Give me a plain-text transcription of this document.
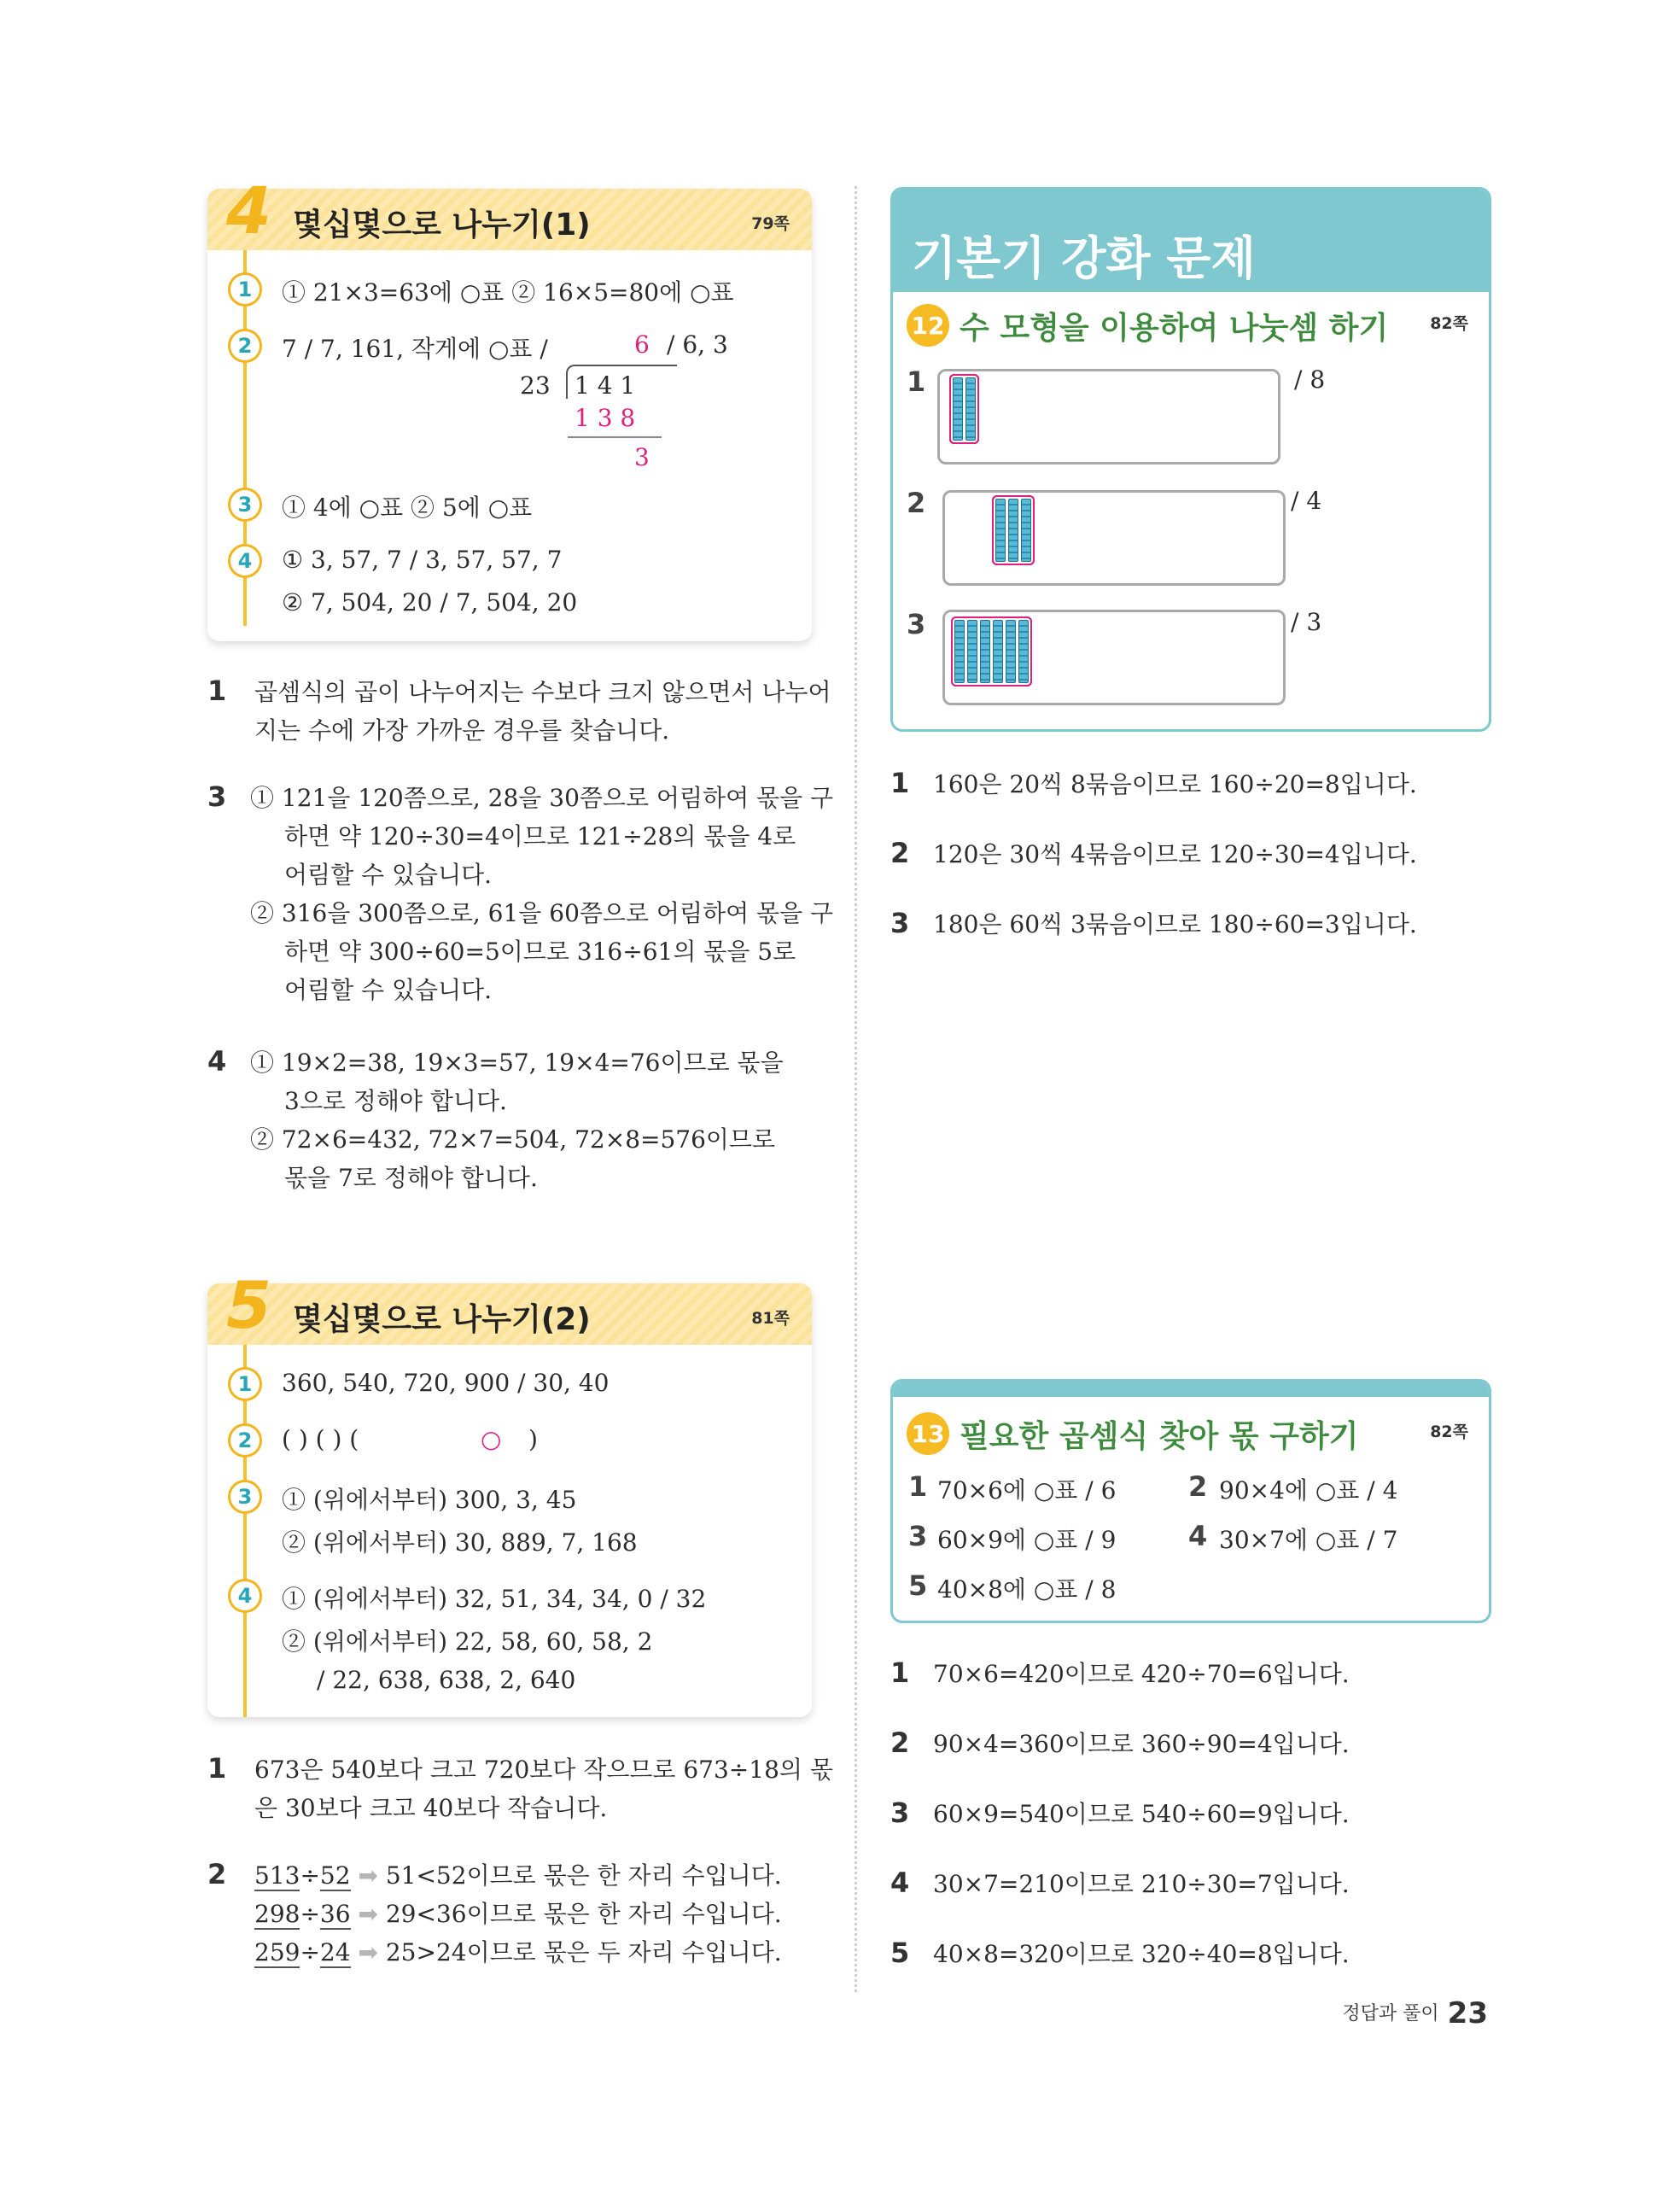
4 몇십몇으로 나누기(1)	79쪽
1	① 21×3=63에 ○표 ② 16×5=80에 ○표
2	7 / 7, 161, 작게에 ○표 /	6 / 6, 3
23 1 4 1
1 3 8
3
3	① 4에 ○표 ② 5에 ○표
4	① 3, 57, 7 / 3, 57, 57, 7
② 7, 504, 20 / 7, 504, 20
1 곱셈식의 곱이 나누어지는 수보다 크지 않으면서 나누어
지는 수에 가장 가까운 경우를 찾습니다.
3 ① 121을 120쯤으로, 28을 30쯤으로 어림하여 몫을 구
하면 약 120÷30=4이므로 121÷28의 몫을 4로
어림할 수 있습니다.
② 316을 300쯤으로, 61을 60쯤으로 어림하여 몫을 구
하면 약 300÷60=5이므로 316÷61의 몫을 5로
어림할 수 있습니다.
4 ① 19×2=38, 19×3=57, 19×4=76이므로 몫을
3으로 정해야 합니다.
② 72×6=432, 72×7=504, 72×8=576이므로
몫을 7로 정해야 합니다.
5 몇십몇으로 나누기(2)	81쪽
1	360, 540, 720, 900 / 30, 40
2	( ) ( ) (	○ )
3	① (위에서부터) 300, 3, 45
② (위에서부터) 30, 889, 7, 168
4	① (위에서부터) 32, 51, 34, 34, 0 / 32
② (위에서부터) 22, 58, 60, 58, 2
/ 22, 638, 638, 2, 640
1 673은 540보다 크고 720보다 작으므로 673÷18의 몫
은 30보다 크고 40보다 작습니다.
2 513÷52 ➡ 51<52이므로 몫은 한 자리 수입니다.
298÷36 ➡ 29<36이므로 몫은 한 자리 수입니다.
259÷24 ➡ 25>24이므로 몫은 두 자리 수입니다.
기본기 강화 문제
12 수 모형을 이용하여 나눗셈 하기	82쪽
1	/ 8
2	/ 4
3	/ 3
1 160은 20씩 8묶음이므로 160÷20=8입니다.
2 120은 30씩 4묶음이므로 120÷30=4입니다.
3 180은 60씩 3묶음이므로 180÷60=3입니다.
13 필요한 곱셈식 찾아 몫 구하기	82쪽
1 70×6에 ○표 / 6	2 90×4에 ○표 / 4
3 60×9에 ○표 / 9	4 30×7에 ○표 / 7
5 40×8에 ○표 / 8
1 70×6=420이므로 420÷70=6입니다.
2 90×4=360이므로 360÷90=4입니다.
3 60×9=540이므로 540÷60=9입니다.
4 30×7=210이므로 210÷30=7입니다.
5 40×8=320이므로 320÷40=8입니다.
정답과 풀이 23
